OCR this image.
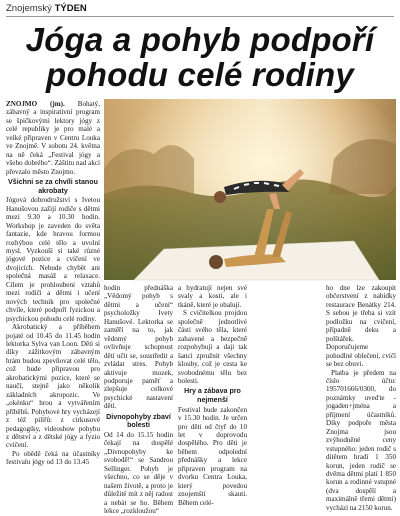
Znojemský TÝDEN
Jóga a pohyb podpoří
pohodu celé rodiny

ZNOJMO (jm). Bohatý, zábavný a inspirativní program se špičkovými lektory jógy z celé republiky je pro malé a velké připraven v Centru Louka ve Znojmě. V sobotu 24. května na ně čeká „Festival jógy a všeho dobrého“. Záštitu nad akcí převzalo město Znojmo.

Všichni se za chvíli stanou akrobaty

Jógová dobrodružství s Ivetou Hanušovou zažijí rodiče s dětmi mezi 9.30 a 10.30 hodin. Workshop je zaveden do světa fantazie, kde hravou formou rozhýbou celé tělo a uvolní mysl. Vyzkouší si také různé jógové pozice a cvičení ve dvojicích. Nebude chybět ani společná masáž a relaxace. Cílem je prohloubení vztahů mezi rodiči a dětmi i učení nových technik pro společné chvíle, které podpoří fyzickou a psychickou pohodu celé rodiny.

Akrobatický a příběhem pojaté od 10.45 do 11.45 hodin lektorka Sylva van Loon. Děti si díky zážitkovým zábavným hrám budou zpevňovat celé tělo, což bude připravou pro akrobatickými pozice, které se naučí, stejně jako několik základních akropozic. Ve „okénku“ hrou a vytvářením příběhů. Pohybové hry vycházejí z též piliřů: z cirkusové pedagogiky, videoshow pohybu z dětství a z dětské jógy a fyzio cvičení.

Po obědě čeká na účastníky festivalu jógy od 13 do 13.45

hodin přednáška „Vědomý pohyb s dětmi a učení“ psycholožky Ivety Hanušové. Lektorka se zaměří na to, jak vědomý pohyb ovlivňuje schopnost dětí učit se, soustředit a zvládat stres. Pohyb aktivuje mozek, podporuje paměť a zlepšuje celkové psychické nastavení dětí.

Divnopohyby zbaví bolesti

Od 14 do 15.15 hodin čekají na dospělé „Divnopohyby ke svobodě!“ se Sandrou Sellinger. Pohyb je všechno, co se děje v našem životě, a proto je důležité mít z něj radost a nebát se ho. Během lekce „rozkloužou“

a hydratují nejen své svaly a kosti, ale i tkáně, které je obalují.

S cvičitelkou projdou společně jednotlivé části svého těla, které zahavené a bezpečně rozpohybují a daji tak šanci zpružnit všechny klouby, což je cesta ke svobodnému tělu bez bolesti.

Hry a zábava pro nejmenší

Festival bude zakončen v 15.30 hodin. Je určen pro děti od čtyř do 10 let v doprovodu dospělého. Pro děti je během odpolední přednášky a lekce připraven program na dvorku Centra Louka, který povedou znojemští skauti. Během celé-

ho dne lze zakoupit občerstvení z nabídky restaurace Benátky 214. S sebou je třeba si vzít podložku na cvičení, případně deku a polštářek. Doporučujeme pohodlné oblečení, cvičí se bez obuvi.

Platba je předem na číslo účtu: 195701666/0300, do poznámky uveďte - jogaden+jména a příjmení účastníků. Díky podpoře města Znojma jsou zvýhodněné ceny vstupného: jeden rodič s dítětem hradí 1 350 korun, jeden rodič se dvěma dětmi platí 1 850 korun a rodinné vstupné (dva dospělí a maximálně třemi dětmi) vychází na 2150 korun.
